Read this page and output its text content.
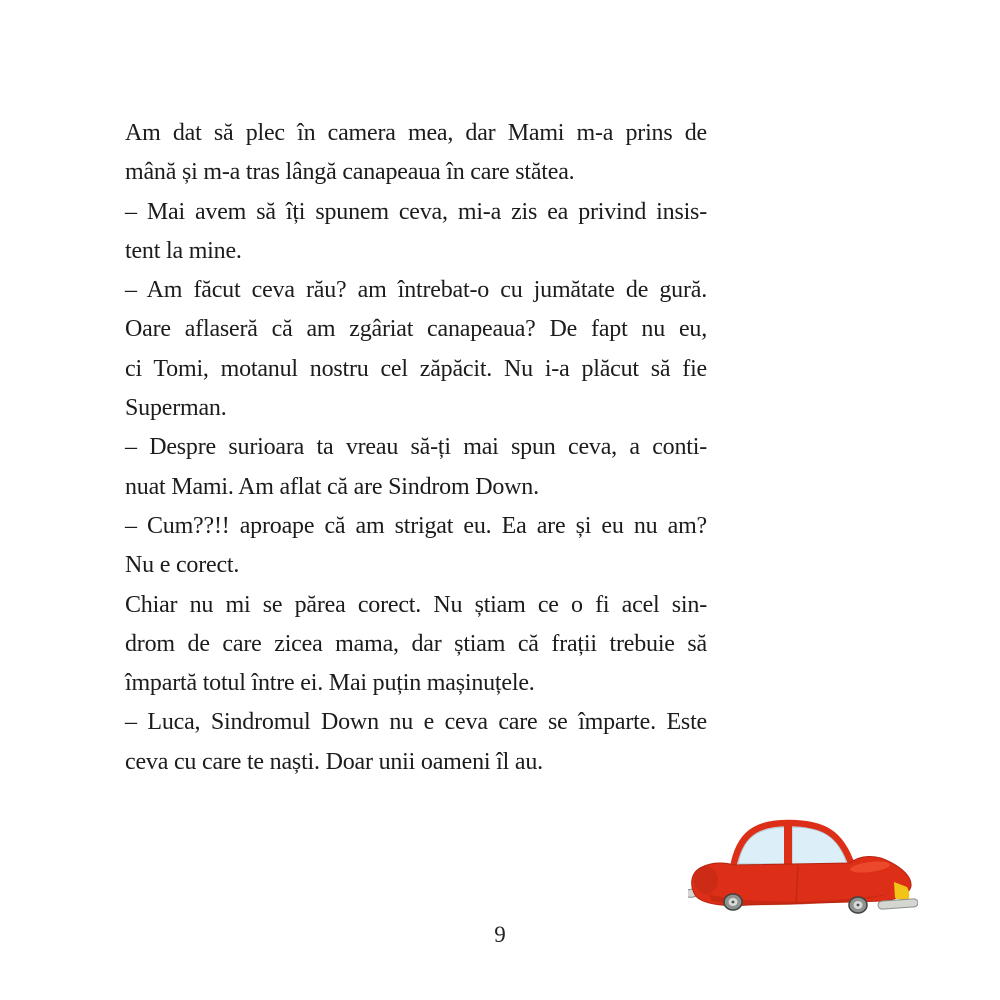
Am dat să plec în camera mea, dar Mami m-a prins de
mână și m-a tras lângă canapeaua în care stătea.
– Mai avem să îți spunem ceva, mi-a zis ea privind insis-
tent la mine.
– Am făcut ceva rău? am întrebat-o cu jumătate de gură.
Oare aflaseră că am zgâriat canapeaua? De fapt nu eu,
ci Tomi, motanul nostru cel zăpăcit. Nu i-a plăcut să fie
Superman.
– Despre surioara ta vreau să-ți mai spun ceva, a conti-
nuat Mami. Am aflat că are Sindrom Down.
– Cum??!! aproape că am strigat eu. Ea are și eu nu am?
Nu e corect.
Chiar nu mi se părea corect. Nu știam ce o fi acel sin-
drom de care zicea mama, dar știam că frații trebuie să
împartă totul între ei. Mai puțin mașinuțele.
– Luca, Sindromul Down nu e ceva care se împarte. Este
ceva cu care te naști. Doar unii oameni îl au.
9
